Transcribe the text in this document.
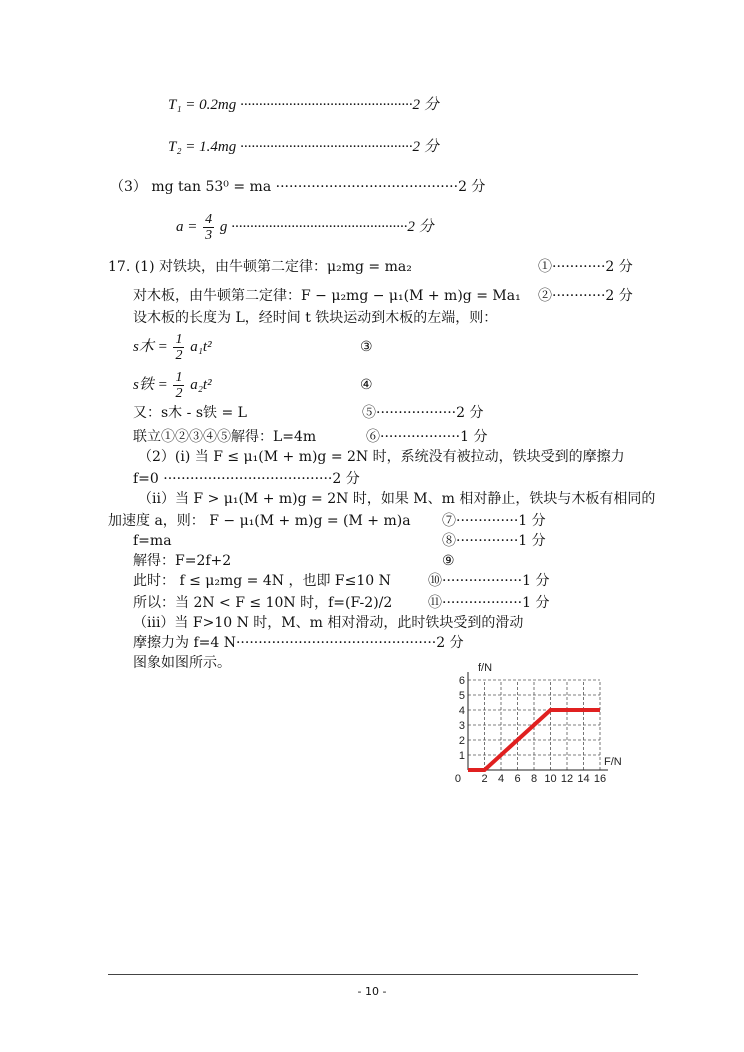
T₁ = 0.2mg ··············································2 分
T₂ = 1.4mg ··············································2 分
（3） mg tan 53⁰ = ma ·········································2 分
$a = \frac{4}{3}$ g ···············································2 分
17. (1) 对铁块，由牛顿第二定律：μ₂mg = ma₂	①············2 分
对木板，由牛顿第二定律：F − μ₂mg − μ₁(M + m)g = Ma₁ ②············2 分
设木板的长度为 L，经时间 t 铁块运动到木板的左端，则：
s木 = $\frac{1}{2} a_1t^2$	③
s铁 = $\frac{1}{2} a_2t^2$	④
又：s木 - s铁 = L	⑤··················2 分
联立①②③④⑤解得：L=4m	⑥··················1 分
（2）(i) 当 F ≤ μ₁(M + m)g = 2N 时，系统没有被拉动，铁块受到的摩擦力
f=0 ······································2 分
（ii）当 F > μ₁(M + m)g = 2N 时，如果 M、m 相对静止，铁块与木板有相同的
加速度 a，则： F − μ₁(M + m)g = (M + m)a ⑦··············1 分
f=ma	⑧··············1 分
解得：F=2f+2	⑨
此时： f ≤ μ₂mg = 4N ，也即 F≤10 N	⑩··················1 分
所以：当 2N < F ≤ 10N 时，f=(F-2)/2	⑪··················1 分
（iii）当 F>10 N 时，M、m 相对滑动，此时铁块受到的滑动
摩擦力为 f=4 N·············································2 分
图象如图所示。
0 2 4 6 8 10 12 14 16
1
2
3
4
5
6
F/N
f/N
- 10 -
